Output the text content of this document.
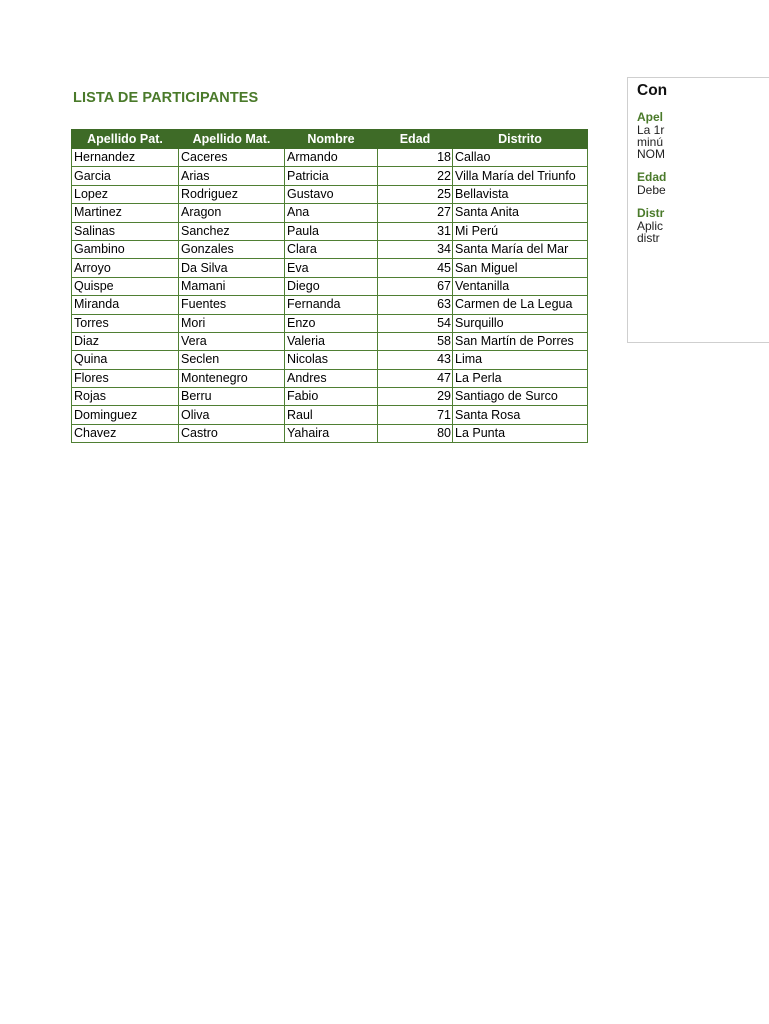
LISTA DE PARTICIPANTES
Apellido Pat.	Apellido Mat.	Nombre	Edad	Distrito
Hernandez	Caceres	Armando	18	Callao
Garcia	Arias	Patricia	22	Villa María del Triunfo
Lopez	Rodriguez	Gustavo	25	Bellavista
Martinez	Aragon	Ana	27	Santa Anita
Salinas	Sanchez	Paula	31	Mi Perú
Gambino	Gonzales	Clara	34	Santa María del Mar
Arroyo	Da Silva	Eva	45	San Miguel
Quispe	Mamani	Diego	67	Ventanilla
Miranda	Fuentes	Fernanda	63	Carmen de La Legua
Torres	Mori	Enzo	54	Surquillo
Diaz	Vera	Valeria	58	San Martín de Porres
Quina	Seclen	Nicolas	43	Lima
Flores	Montenegro	Andres	47	La Perla
Rojas	Berru	Fabio	29	Santiago de Surco
Dominguez	Oliva	Raul	71	Santa Rosa
Chavez	Castro	Yahaira	80	La Punta
Con
Apel
La 1r
minú
NOM
Edad
Debe
Distr
Aplic
distr
